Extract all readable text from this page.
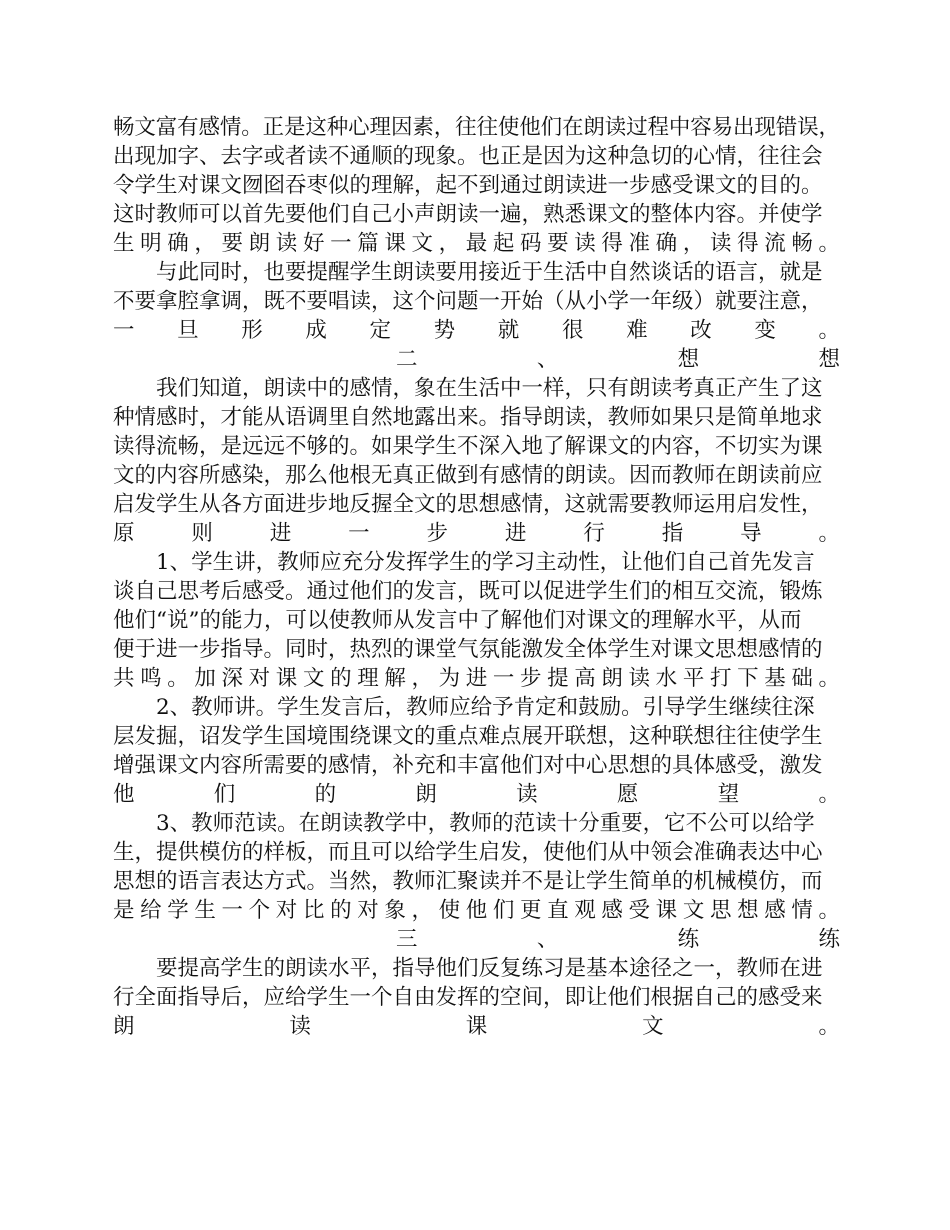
畅文富有感情。正是这种心理因素，往往使他们在朗读过程中容易出现错误，
出现加字、去字或者读不通顺的现象。也正是因为这种急切的心情，往往会
令学生对课文囫囵吞枣似的理解，起不到通过朗读进一步感受课文的目的。
这时教师可以首先要他们自己小声朗读一遍，熟悉课文的整体内容。并使学
生明确，要朗读好一篇课文，最起码要读得准确，读得流畅。
　　与此同时，也要提醒学生朗读要用接近于生活中自然谈话的语言，就是
不要拿腔拿调，既不要唱读，这个问题一开始（从小学一年级）就要注意，
一旦形成定势就很难改变。
二、想想
　　我们知道，朗读中的感情，象在生活中一样，只有朗读考真正产生了这
种情感时，才能从语调里自然地露出来。指导朗读，教师如果只是简单地求
读得流畅，是远远不够的。如果学生不深入地了解课文的内容，不切实为课
文的内容所感染，那么他根无真正做到有感情的朗读。因而教师在朗读前应
启发学生从各方面进步地反握全文的思想感情，这就需要教师运用启发性，
原则进一步进行指导。
　　1、学生讲，教师应充分发挥学生的学习主动性，让他们自己首先发言
谈自己思考后感受。通过他们的发言，既可以促进学生们的相互交流，锻炼
他们“说”的能力，可以使教师从发言中了解他们对课文的理解水平，从而
便于进一步指导。同时，热烈的课堂气氛能激发全体学生对课文思想感情的
共鸣。加深对课文的理解，为进一步提高朗读水平打下基础。
　　2、教师讲。学生发言后，教师应给予肯定和鼓励。引导学生继续往深
层发掘，诏发学生国境围绕课文的重点难点展开联想，这种联想往往使学生
增强课文内容所需要的感情，补充和丰富他们对中心思想的具体感受，激发
他们的朗读愿望。
　　3、教师范读。在朗读教学中，教师的范读十分重要，它不公可以给学
生，提供模仿的样板，而且可以给学生启发，使他们从中领会准确表达中心
思想的语言表达方式。当然，教师汇聚读并不是让学生简单的机械模仿，而
是给学生一个对比的对象，使他们更直观感受课文思想感情。
三、练练
　　要提高学生的朗读水平，指导他们反复练习是基本途径之一，教师在进
行全面指导后，应给学生一个自由发挥的空间，即让他们根据自己的感受来
朗读课文。
